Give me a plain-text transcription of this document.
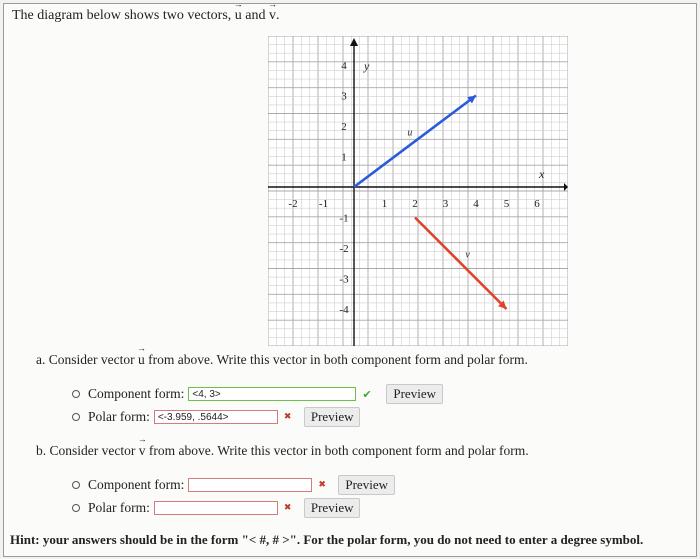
The diagram below shows two vectors, → u and → v.
-2 -1	1 2 3 4 5 6
4
3
2
1
-1
-2
-3
-4
x
y
u
v
a. Consider vector → u from above. Write this vector in both component form and polar form.
Component form: <4, 3>	✔	Preview
Polar form: <-3.959, .5644>	✖	Preview
b. Consider vector → v from above. Write this vector in both component form and polar form.
Component form:	✖	Preview
Polar form:	✖	Preview
Hint: your answers should be in the form "< #, # >". For the polar form, you do not need to enter a degree symbol.
